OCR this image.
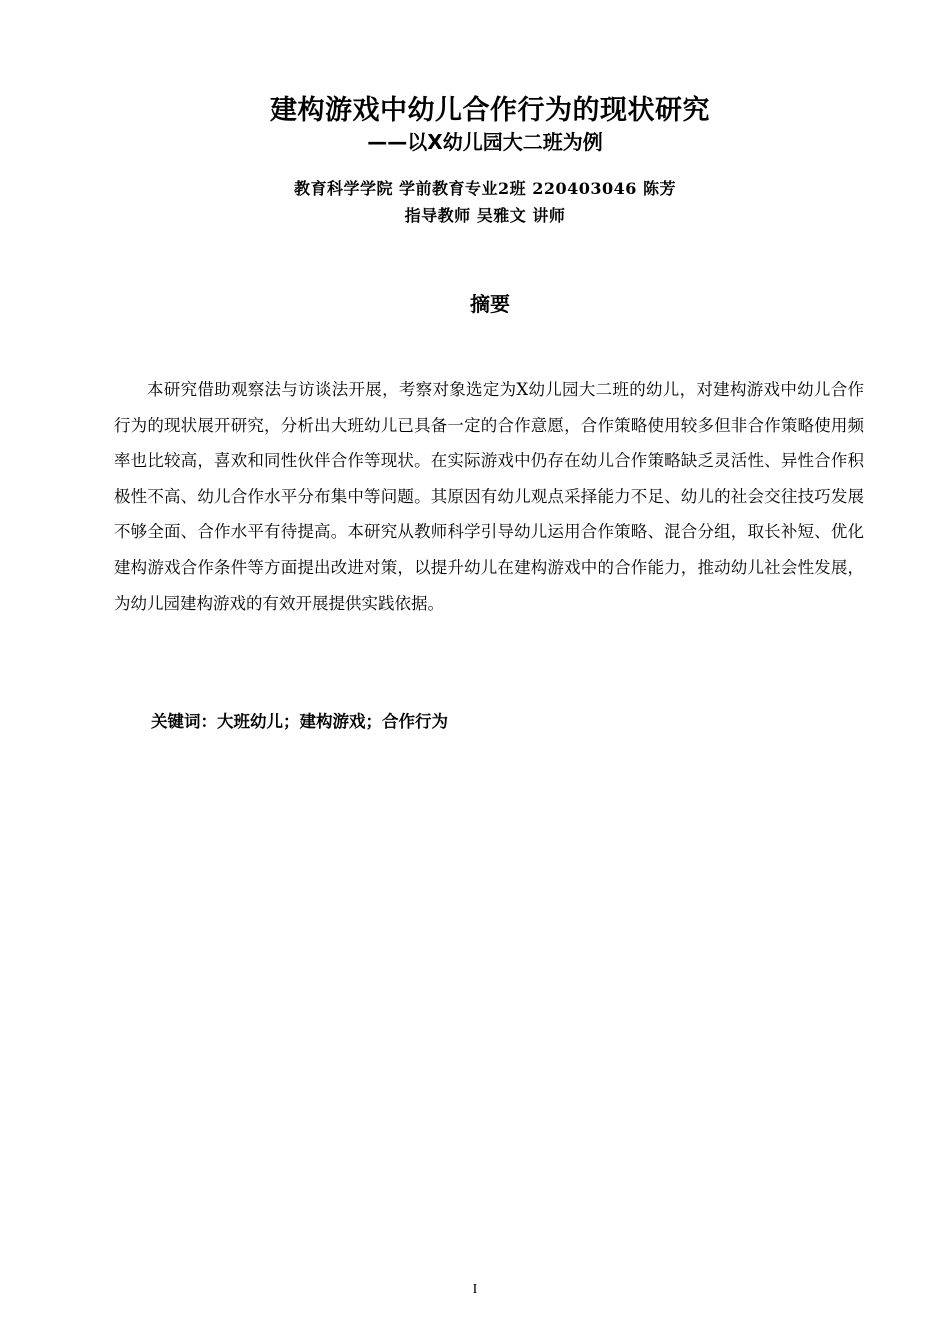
建构游戏中幼儿合作行为的现状研究
——以X幼儿园大二班为例
教育科学学院 学前教育专业2班 220403046 陈芳
指导教师 吴雅文 讲师
摘要

本研究借助观察法与访谈法开展，考察对象选定为X幼儿园大二班的幼儿，对建构游戏中幼儿合作行为的现状展开研究，分析出大班幼儿已具备一定的合作意愿，合作策略使用较多但非合作策略使用频率也比较高，喜欢和同性伙伴合作等现状。在实际游戏中仍存在幼儿合作策略缺乏灵活性、异性合作积极性不高、幼儿合作水平分布集中等问题。其原因有幼儿观点采择能力不足、幼儿的社会交往技巧发展不够全面、合作水平有待提高。本研究从教师科学引导幼儿运用合作策略、混合分组，取长补短、优化建构游戏合作条件等方面提出改进对策，以提升幼儿在建构游戏中的合作能力，推动幼儿社会性发展，为幼儿园建构游戏的有效开展提供实践依据。

关键词：大班幼儿；建构游戏；合作行为
I
